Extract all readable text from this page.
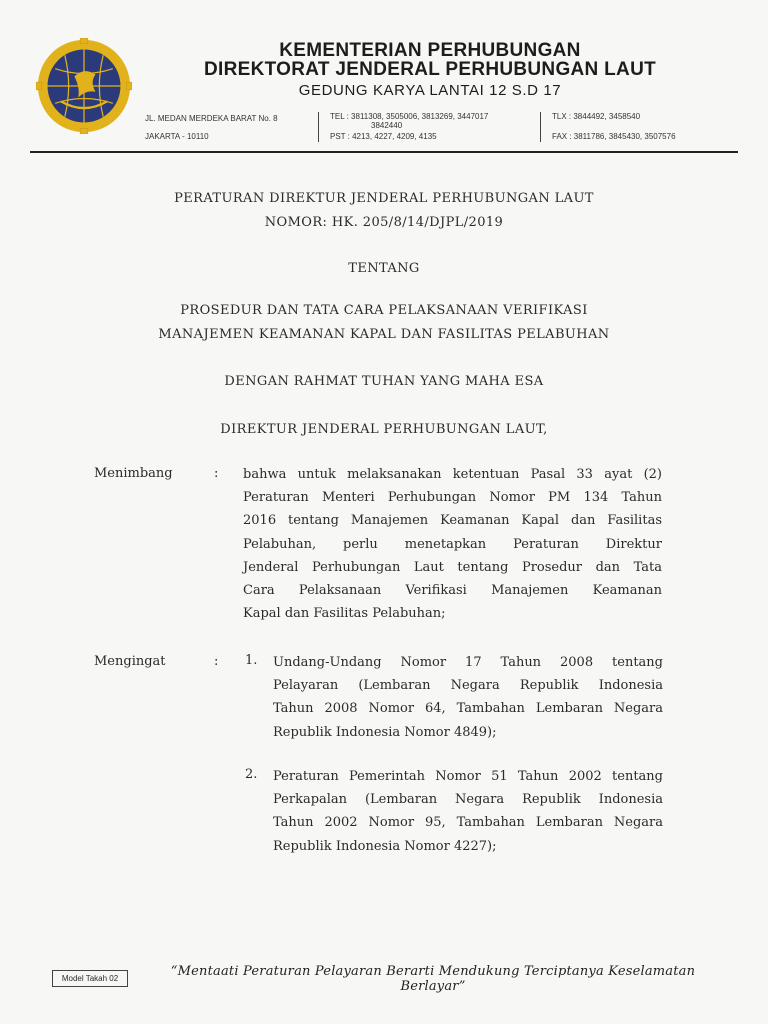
KEMENTERIAN PERHUBUNGAN
DIREKTORAT JENDERAL PERHUBUNGAN LAUT
GEDUNG KARYA LANTAI 12 S.D 17
JL. MEDAN MERDEKA BARAT No. 8
JAKARTA - 10110
TEL : 3811308, 3505006, 3813269, 3447017
3842440
PST : 4213, 4227, 4209, 4135
TLX : 3844492, 3458540
FAX : 3811786, 3845430, 3507576
PERATURAN DIREKTUR JENDERAL PERHUBUNGAN LAUT
NOMOR: HK. 205/8/14/DJPL/2019
TENTANG
PROSEDUR DAN TATA CARA PELAKSANAAN VERIFIKASI
MANAJEMEN KEAMANAN KAPAL DAN FASILITAS PELABUHAN
DENGAN RAHMAT TUHAN YANG MAHA ESA
DIREKTUR JENDERAL PERHUBUNGAN LAUT,
Menimbang	: bahwa untuk melaksanakan ketentuan Pasal 33 ayat (2)
Peraturan Menteri Perhubungan Nomor PM 134 Tahun
2016 tentang Manajemen Keamanan Kapal dan Fasilitas
Pelabuhan, perlu menetapkan Peraturan Direktur
Jenderal Perhubungan Laut tentang Prosedur dan Tata
Cara Pelaksanaan Verifikasi Manajemen Keamanan
Kapal dan Fasilitas Pelabuhan;
Mengingat	: 1. Undang-Undang Nomor 17 Tahun 2008 tentang
Pelayaran (Lembaran Negara Republik Indonesia
Tahun 2008 Nomor 64, Tambahan Lembaran Negara
Republik Indonesia Nomor 4849);
2. Peraturan Pemerintah Nomor 51 Tahun 2002 tentang
Perkapalan (Lembaran Negara Republik Indonesia
Tahun 2002 Nomor 95, Tambahan Lembaran Negara
Republik Indonesia Nomor 4227);
Model Takah 02	“Mentaati Peraturan Pelayaran Berarti Mendukung Terciptanya Keselamatan Berlayar”
